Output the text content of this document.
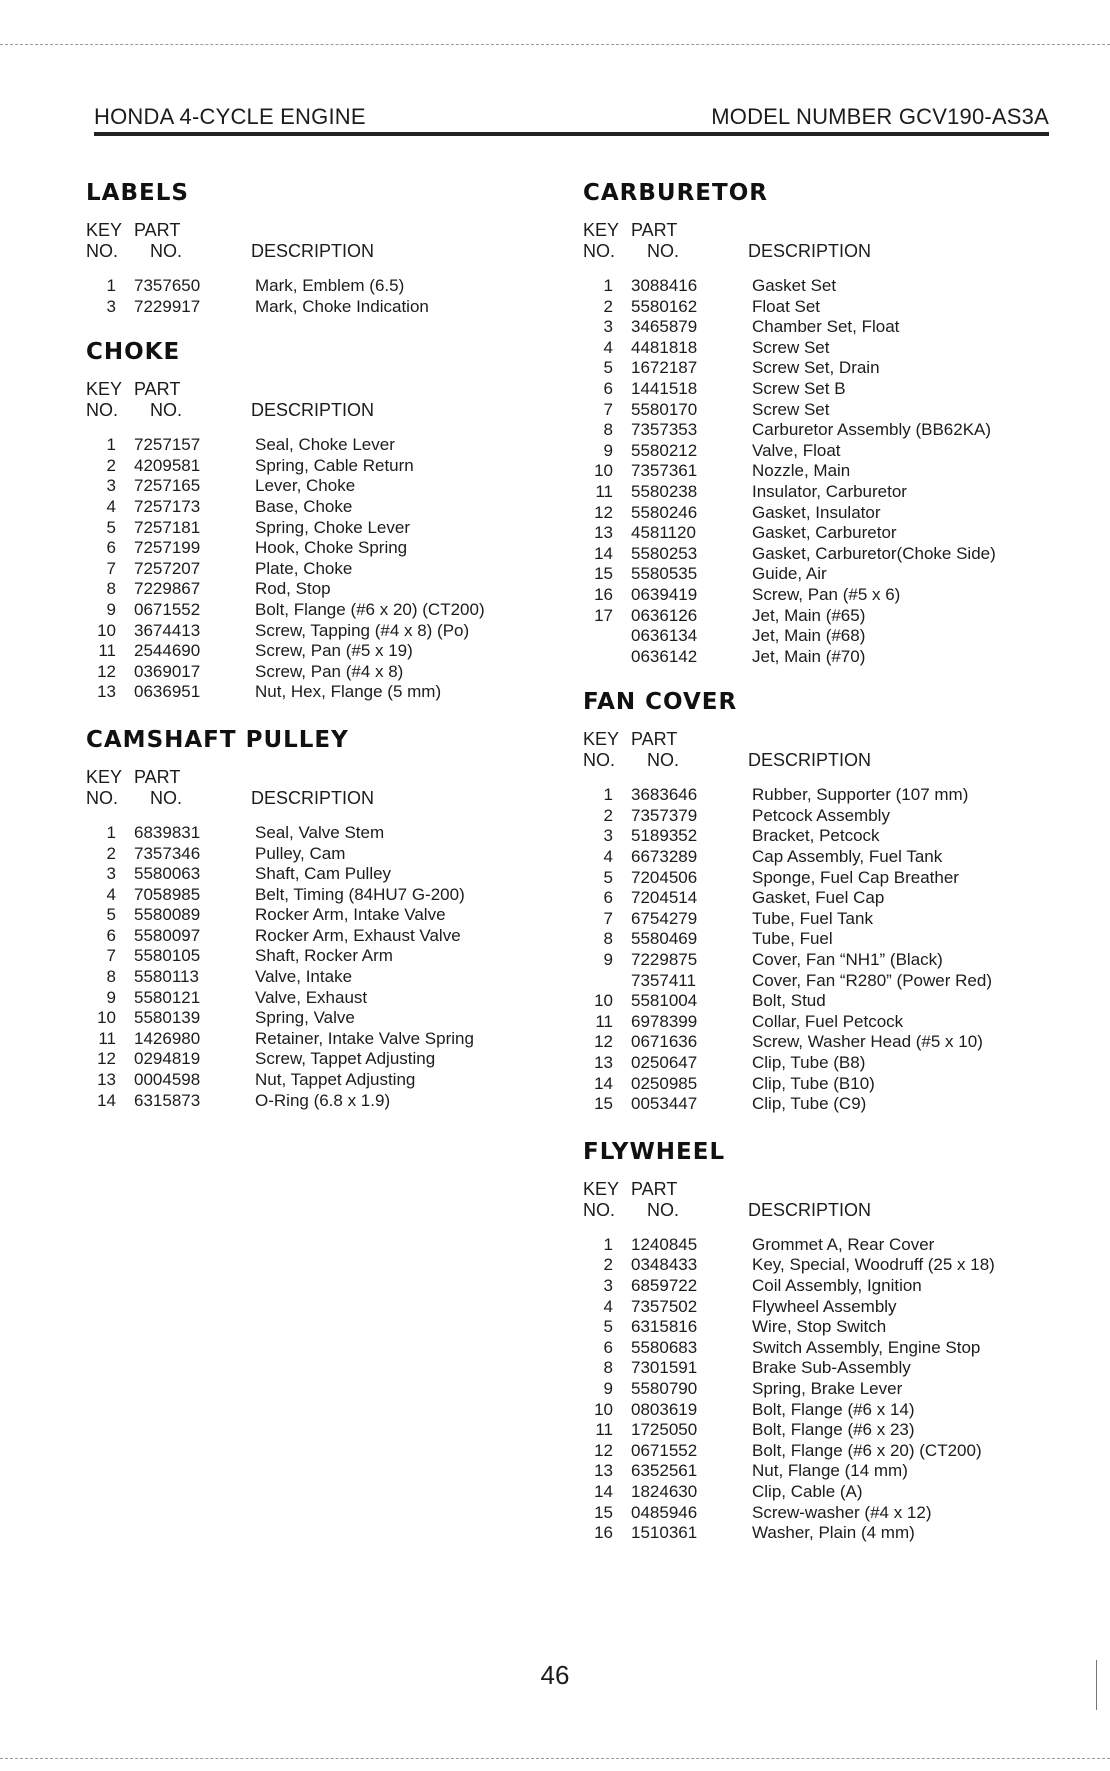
HONDA 4-CYCLE ENGINE	MODEL NUMBER GCV190-AS3A
LABELS
KEY
NO.
PART
NO.	DESCRIPTION
1	7357650	Mark, Emblem (6.5)
3	7229917	Mark, Choke Indication
CHOKE
KEY
NO.
PART
NO.	DESCRIPTION
1	7257157	Seal, Choke Lever
2	4209581	Spring, Cable Return
3	7257165	Lever, Choke
4	7257173	Base, Choke
5	7257181	Spring, Choke Lever
6	7257199	Hook, Choke Spring
7	7257207	Plate, Choke
8	7229867	Rod, Stop
9	0671552	Bolt, Flange (#6 x 20) (CT200)
10	3674413	Screw, Tapping (#4 x 8) (Po)
11	2544690	Screw, Pan (#5 x 19)
12	0369017	Screw, Pan (#4 x 8)
13	0636951	Nut, Hex, Flange (5 mm)
CAMSHAFT PULLEY
KEY
NO.
PART
NO.	DESCRIPTION
1	6839831	Seal, Valve Stem
2	7357346	Pulley, Cam
3	5580063	Shaft, Cam Pulley
4	7058985	Belt, Timing (84HU7 G-200)
5	5580089	Rocker Arm, Intake Valve
6	5580097	Rocker Arm, Exhaust Valve
7	5580105	Shaft, Rocker Arm
8	5580113	Valve, Intake
9	5580121	Valve, Exhaust
10	5580139	Spring, Valve
11	1426980	Retainer, Intake Valve Spring
12	0294819	Screw, Tappet Adjusting
13	0004598	Nut, Tappet Adjusting
14	6315873	O-Ring (6.8 x 1.9)
CARBURETOR
KEY
NO.
PART
NO.	DESCRIPTION
1	3088416	Gasket Set
2	5580162	Float Set
3	3465879	Chamber Set, Float
4	4481818	Screw Set
5	1672187	Screw Set, Drain
6	1441518	Screw Set B
7	5580170	Screw Set
8	7357353	Carburetor Assembly (BB62KA)
9	5580212	Valve, Float
10	7357361	Nozzle, Main
11	5580238	Insulator, Carburetor
12	5580246	Gasket, Insulator
13	4581120	Gasket, Carburetor
14	5580253	Gasket, Carburetor(Choke Side)
15	5580535	Guide, Air
16	0639419	Screw, Pan (#5 x 6)
17	0636126	Jet, Main (#65)
0636134	Jet, Main (#68)
0636142	Jet, Main (#70)
FAN COVER
KEY
NO.
PART
NO.	DESCRIPTION
1	3683646	Rubber, Supporter (107 mm)
2	7357379	Petcock Assembly
3	5189352	Bracket, Petcock
4	6673289	Cap Assembly, Fuel Tank
5	7204506	Sponge, Fuel Cap Breather
6	7204514	Gasket, Fuel Cap
7	6754279	Tube, Fuel Tank
8	5580469	Tube, Fuel
9	7229875	Cover, Fan “NH1” (Black)
7357411	Cover, Fan “R280” (Power Red)
10	5581004	Bolt, Stud
11	6978399	Collar, Fuel Petcock
12	0671636	Screw, Washer Head (#5 x 10)
13	0250647	Clip, Tube (B8)
14	0250985	Clip, Tube (B10)
15	0053447	Clip, Tube (C9)
FLYWHEEL
KEY
NO.
PART
NO.	DESCRIPTION
1	1240845	Grommet A, Rear Cover
2	0348433	Key, Special, Woodruff (25 x 18)
3	6859722	Coil Assembly, Ignition
4	7357502	Flywheel Assembly
5	6315816	Wire, Stop Switch
6	5580683	Switch Assembly, Engine Stop
8	7301591	Brake Sub-Assembly
9	5580790	Spring, Brake Lever
10	0803619	Bolt, Flange (#6 x 14)
11	1725050	Bolt, Flange (#6 x 23)
12	0671552	Bolt, Flange (#6 x 20) (CT200)
13	6352561	Nut, Flange (14 mm)
14	1824630	Clip, Cable (A)
15	0485946	Screw-washer (#4 x 12)
16	1510361	Washer, Plain (4 mm)
46
